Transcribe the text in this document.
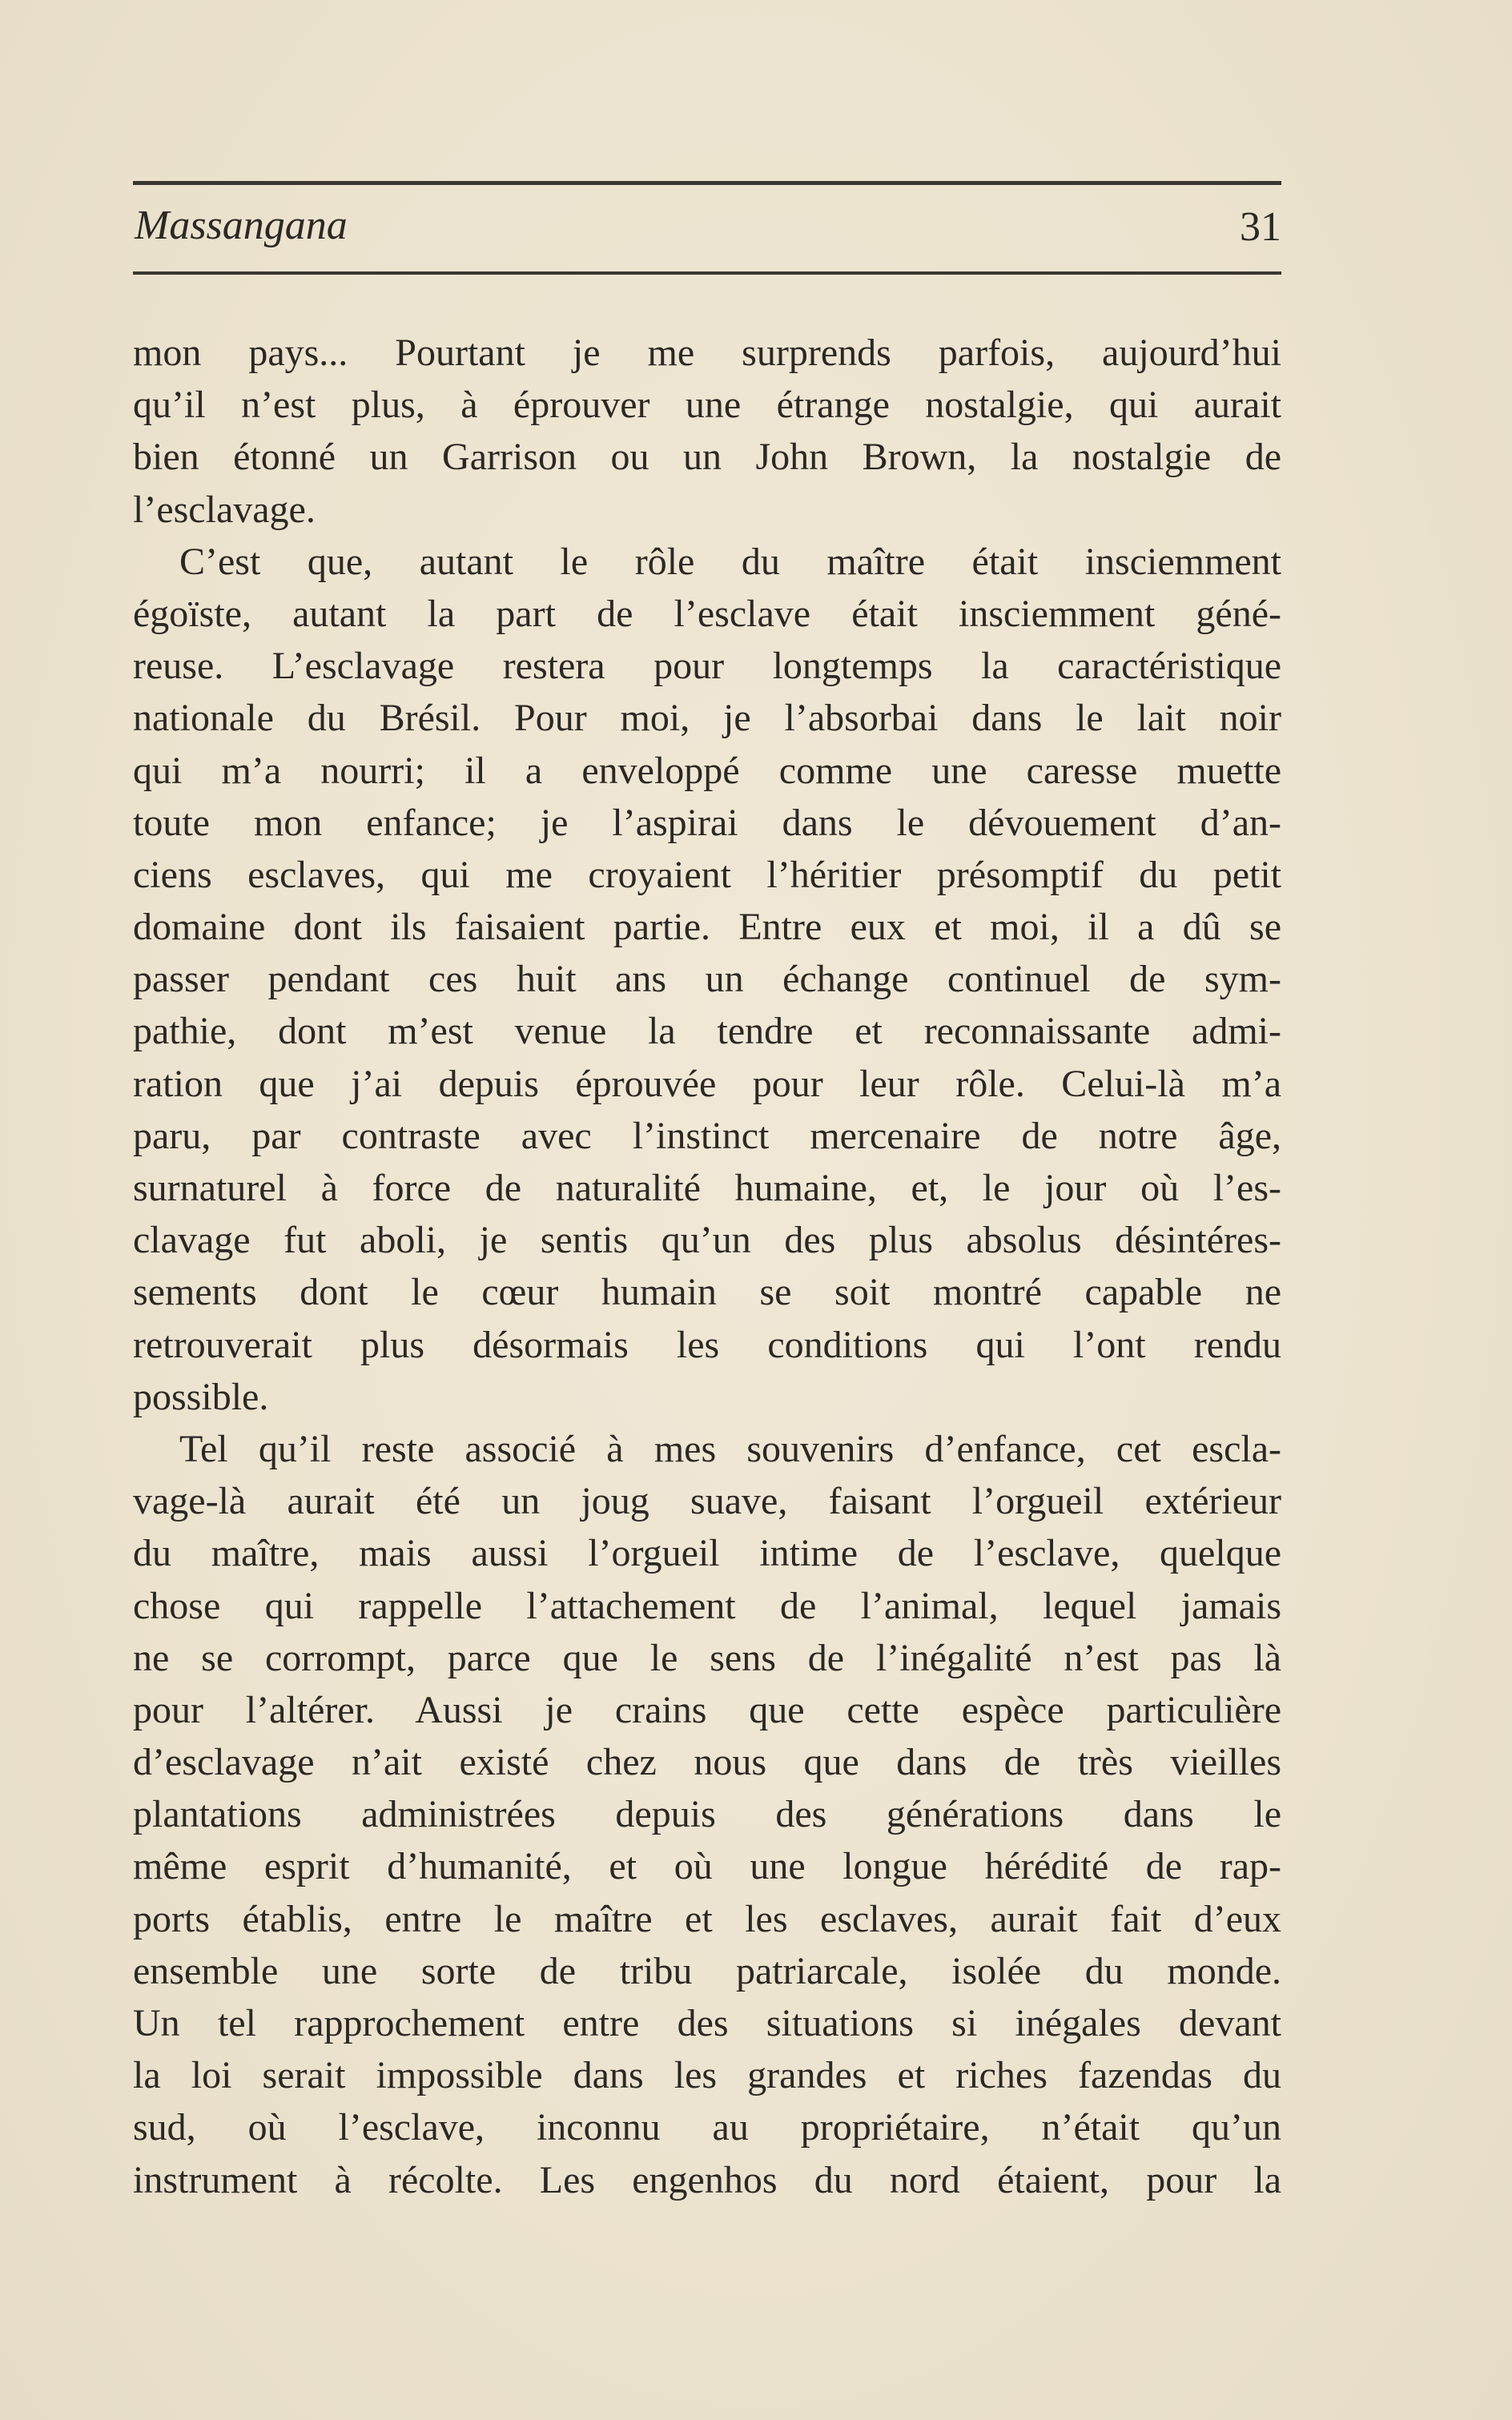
Massangana	31
mon pays... Pourtant je me surprends parfois, aujourd’hui
qu’il n’est plus, à éprouver une étrange nostalgie, qui aurait
bien étonné un Garrison ou un John Brown, la nostalgie de
l’esclavage.
C’est que, autant le rôle du maître était insciemment
égoïste, autant la part de l’esclave était insciemment géné-
reuse. L’esclavage restera pour longtemps la caractéristique
nationale du Brésil. Pour moi, je l’absorbai dans le lait noir
qui m’a nourri; il a enveloppé comme une caresse muette
toute mon enfance; je l’aspirai dans le dévouement d’an-
ciens esclaves, qui me croyaient l’héritier présomptif du petit
domaine dont ils faisaient partie. Entre eux et moi, il a dû se
passer pendant ces huit ans un échange continuel de sym-
pathie, dont m’est venue la tendre et reconnaissante admi-
ration que j’ai depuis éprouvée pour leur rôle. Celui-là m’a
paru, par contraste avec l’instinct mercenaire de notre âge,
surnaturel à force de naturalité humaine, et, le jour où l’es-
clavage fut aboli, je sentis qu’un des plus absolus désintéres-
sements dont le cœur humain se soit montré capable ne
retrouverait plus désormais les conditions qui l’ont rendu
possible.
Tel qu’il reste associé à mes souvenirs d’enfance, cet escla-
vage-là aurait été un joug suave, faisant l’orgueil extérieur
du maître, mais aussi l’orgueil intime de l’esclave, quelque
chose qui rappelle l’attachement de l’animal, lequel jamais
ne se corrompt, parce que le sens de l’inégalité n’est pas là
pour l’altérer. Aussi je crains que cette espèce particulière
d’esclavage n’ait existé chez nous que dans de très vieilles
plantations administrées depuis des générations dans le
même esprit d’humanité, et où une longue hérédité de rap-
ports établis, entre le maître et les esclaves, aurait fait d’eux
ensemble une sorte de tribu patriarcale, isolée du monde.
Un tel rapprochement entre des situations si inégales devant
la loi serait impossible dans les grandes et riches fazendas du
sud, où l’esclave, inconnu au propriétaire, n’était qu’un
instrument à récolte. Les engenhos du nord étaient, pour la
